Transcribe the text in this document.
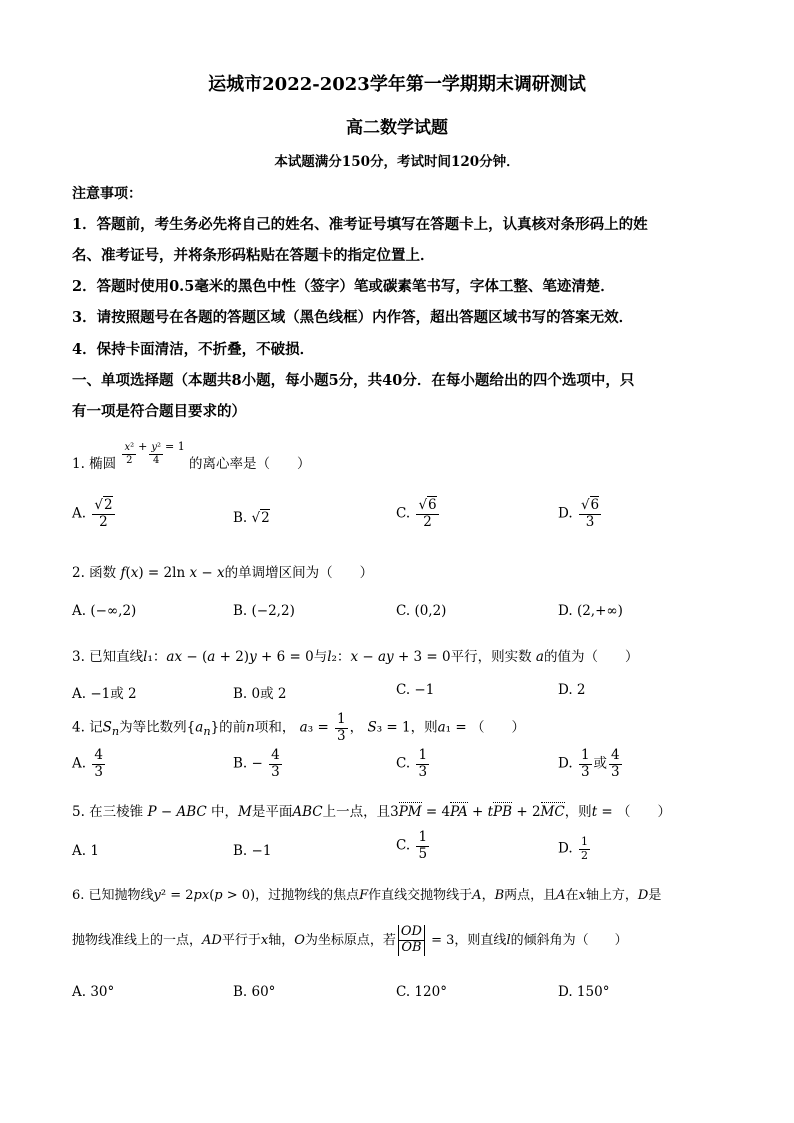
运城市2022-2023学年第一学期期末调研测试
高二数学试题
本试题满分150分，考试时间120分钟．
注意事项：
1．答题前，考生务必先将自己的姓名、准考证号填写在答题卡上，认真核对条形码上的姓
名、准考证号，并将条形码粘贴在答题卡的指定位置上．
2．答题时使用0.5毫米的黑色中性（签字）笔或碳素笔书写，字体工整、笔迹清楚．
3．请按照题号在各题的答题区域（黑色线框）内作答，超出答题区域书写的答案无效．
4．保持卡面清洁，不折叠，不破损．
一、单项选择题（本题共8小题，每小题5分，共40分．在每小题给出的四个选项中，只
有一项是符合题目要求的）
1. 椭圆 $\frac{\text{x²}}{2} ^+ \frac{\text{y²}}{4} ^{= 1}$ 的离心率是（　　）
A. $\frac{√2}{2}$	B. √2	C. $\frac{√6}{2}$	D. $\frac{√6}{3}$
2. 函数 f(x) = 2ln x − x的单调增区间为（　　）
A. (−∞,2)	B. (−2,2)	C. (0,2)	D. (2,+∞)
3. 已知直线l₁：ax − (a + 2)y + 6 = 0与l₂：x − ay + 3 = 0平行，则实数 a的值为（　　）
A. −1或 2	B. 0或 2	C. −1	D. 2
4. 记$S_n$为等比数列$\{a_n\}$的前n项和， $a_3 = \frac{1}{3}$ ， S₃ = 1，则a₁ = （　　）
A. $\frac{4}{3}$	B. − $\frac{4}{3}$	C. $\frac{1}{3}$	D. $\frac{1}{3}$ 或 $\frac{4}{3}$
5. 在三棱锥 P − ABC 中，M是平面ABC上一点，且3PM = 4PA + tPB + 2MC，则t = （　　）
A. 1	B. −1	C. $\frac{1}{5}$	D. $\frac{1}{2}$
6. 已知抛物线y² = 2px(p > 0)，过抛物线的焦点F作直线交抛物线于A，B两点，且A在x轴上方，D是
抛物线准线上的一点，AD平行于x轴，O为坐标原点，若 $\frac{OD}{OB} = 3$，则直线l的倾斜角为（　　）
A. 30°	B. 60°	C. 120°	D. 150°
